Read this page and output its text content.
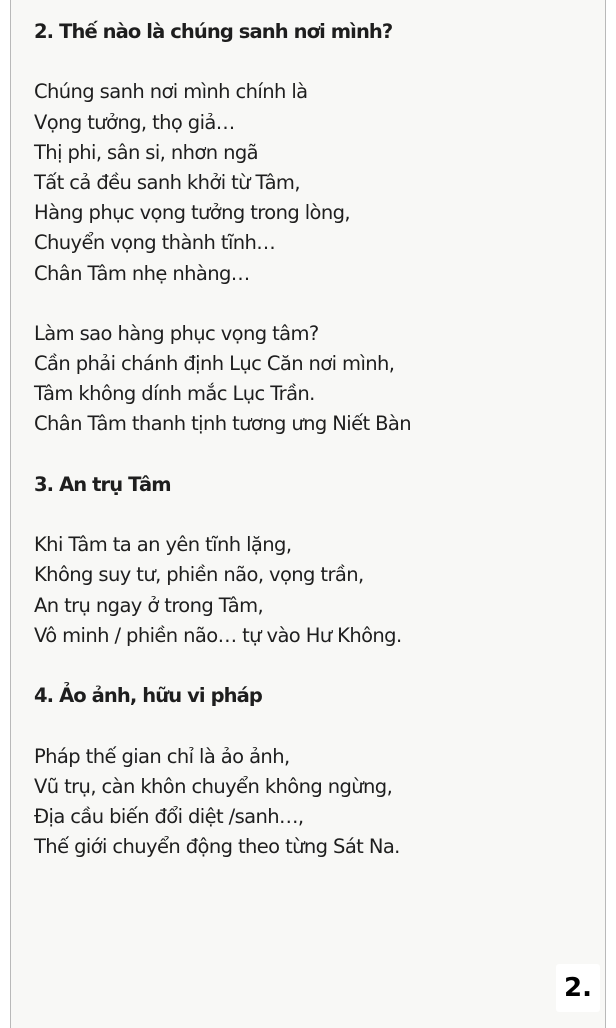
2. Thế nào là chúng sanh nơi mình?
Chúng sanh nơi mình chính là
Vọng tưởng, thọ giả…
Thị phi, sân si, nhơn ngã
Tất cả đều sanh khởi từ Tâm,
Hàng phục vọng tưởng trong lòng,
Chuyển vọng thành tĩnh…
Chân Tâm nhẹ nhàng…
Làm sao hàng phục vọng tâm?
Cần phải chánh định Lục Căn nơi mình,
Tâm không dính mắc Lục Trần.
Chân Tâm thanh tịnh tương ưng Niết Bàn
3. An trụ Tâm
Khi Tâm ta an yên tĩnh lặng,
Không suy tư, phiền não, vọng trần,
An trụ ngay ở trong Tâm,
Vô minh / phiền não… tự vào Hư Không.
4. Ảo ảnh, hữu vi pháp
Pháp thế gian chỉ là ảo ảnh,
Vũ trụ, càn khôn chuyển không ngừng,
Địa cầu biến đổi diệt /sanh…,
Thế giới chuyển động theo từng Sát Na.
2.
